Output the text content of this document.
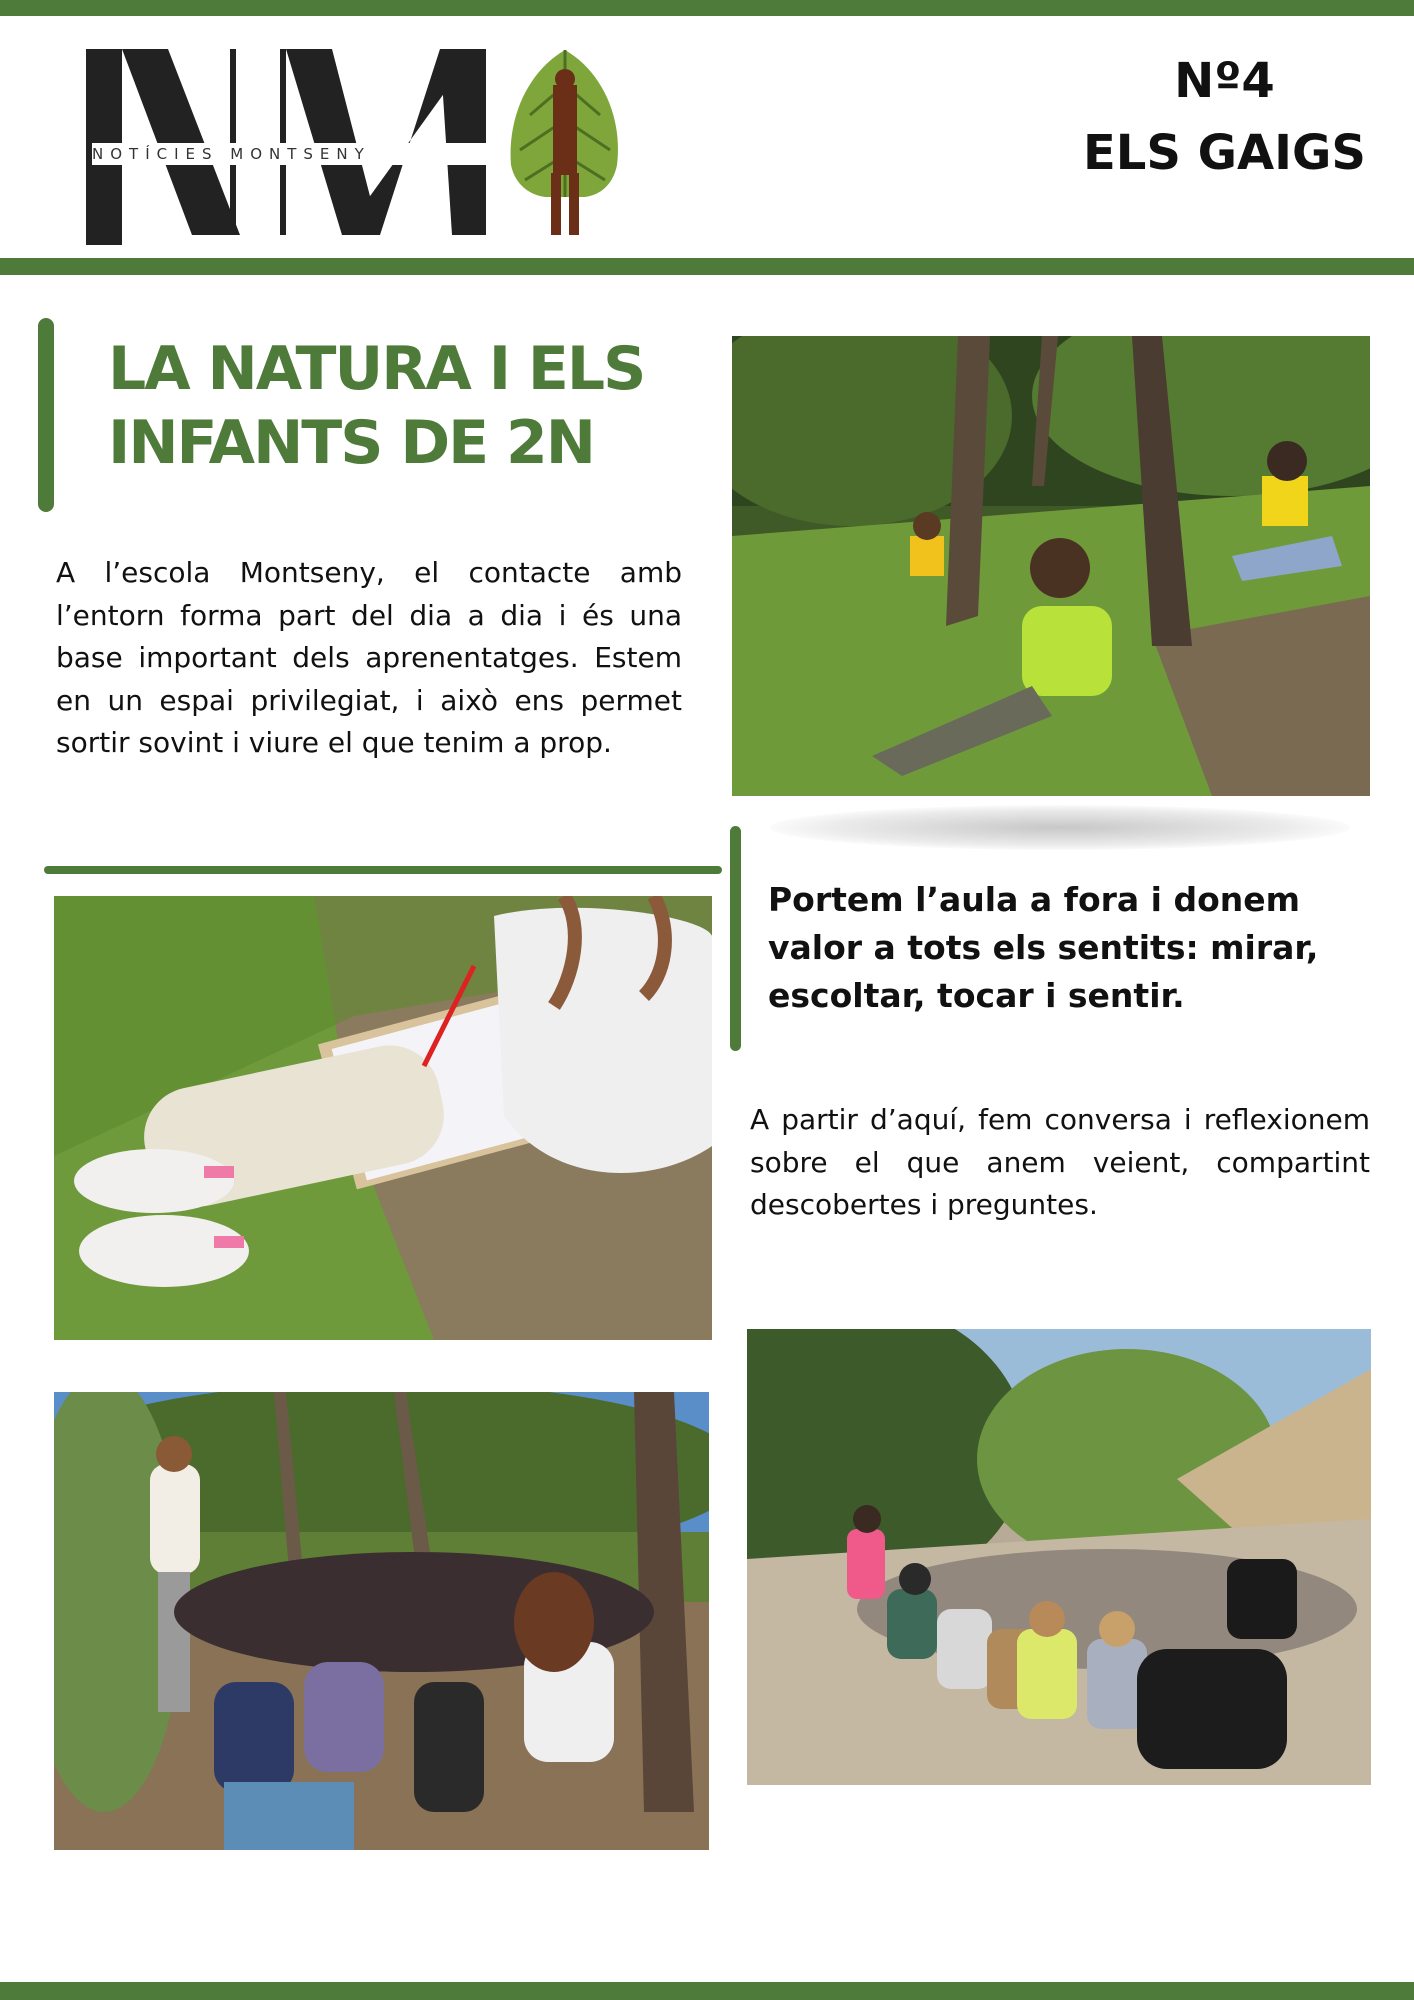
NOTÍCIES MONTSENY
Nº4
ELS GAIGS
LA NATURA I ELS
INFANTS DE 2N
A l’escola Montseny, el contacte amb l’entorn forma part del dia a dia i és una base important dels aprenentatges. Estem en un espai privilegiat, i això ens permet sortir sovint i viure el que tenim a prop.
Portem l’aula a fora i donem valor a tots els sentits: mirar, escoltar, tocar i sentir.
A partir d’aquí, fem conversa i reflexionem sobre el que anem veient, compartint descobertes i preguntes.
